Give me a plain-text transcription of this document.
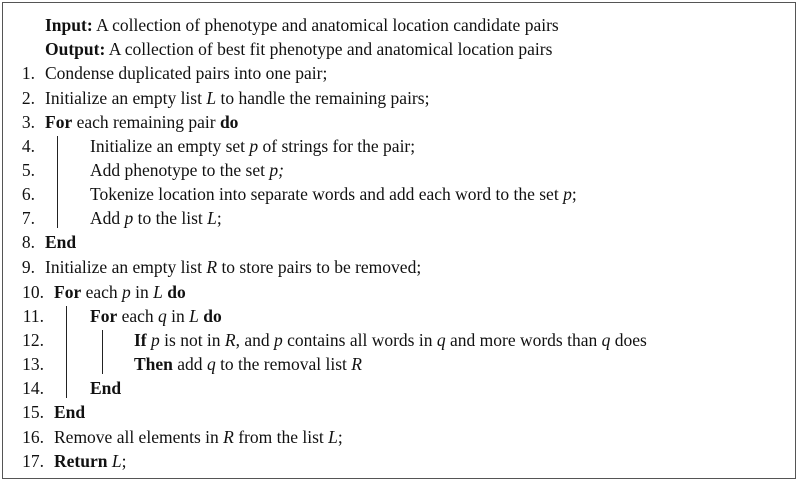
Input: A collection of phenotype and anatomical location candidate pairs
Output: A collection of best fit phenotype and anatomical location pairs
1. Condense duplicated pairs into one pair;
2. Initialize an empty list L to handle the remaining pairs;
3. For each remaining pair do
4.	Initialize an empty set p of strings for the pair;
5.	Add phenotype to the set p;
6.	Tokenize location into separate words and add each word to the set p;
7.	Add p to the list L;
8. End
9. Initialize an empty list R to store pairs to be removed;
10. For each p in L do
11.	For each q in L do
12.	If p is not in R, and p contains all words in q and more words than q does
13.	Then add q to the removal list R
14.	End
15. End
16. Remove all elements in R from the list L;
17. Return L;
